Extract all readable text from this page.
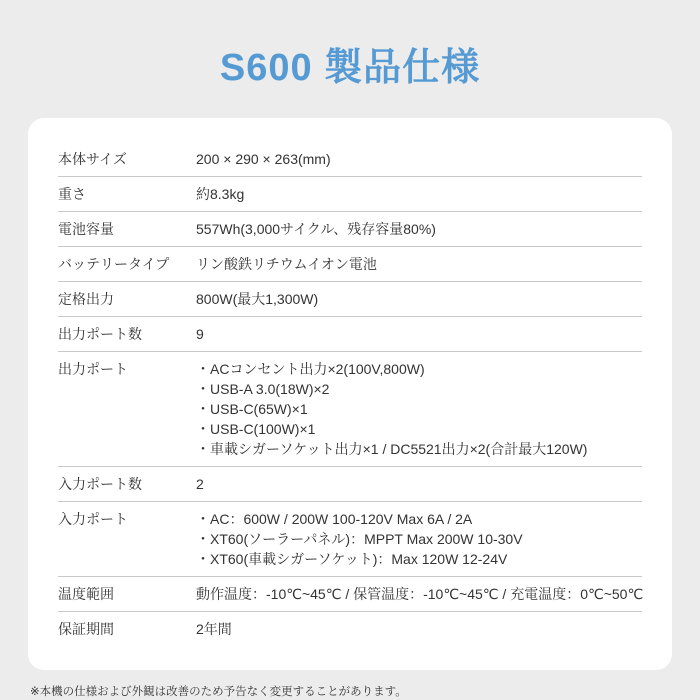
S600 製品仕様
本体サイズ	200 × 290 × 263(mm)
重さ	約8.3kg
電池容量	557Wh(3,000サイクル、残存容量80%)
バッテリータイプ	リン酸鉄リチウムイオン電池
定格出力	800W(最大1,300W)
出力ポート数	9
出力ポート	・ACコンセント出力×2(100V,800W)
・USB-A 3.0(18W)×2
・USB-C(65W)×1
・USB-C(100W)×1
・車載シガーソケット出力×1 / DC5521出力×2(合計最大120W)
入力ポート数	2
入力ポート	・AC：600W / 200W 100-120V Max 6A / 2A
・XT60(ソーラーパネル)：MPPT Max 200W 10-30V
・XT60(車載シガーソケット)：Max 120W 12-24V
温度範囲	動作温度：-10℃~45℃ / 保管温度：-10℃~45℃ / 充電温度：0℃~50℃
保証期間	2年間
※本機の仕様および外観は改善のため予告なく変更することがあります。
